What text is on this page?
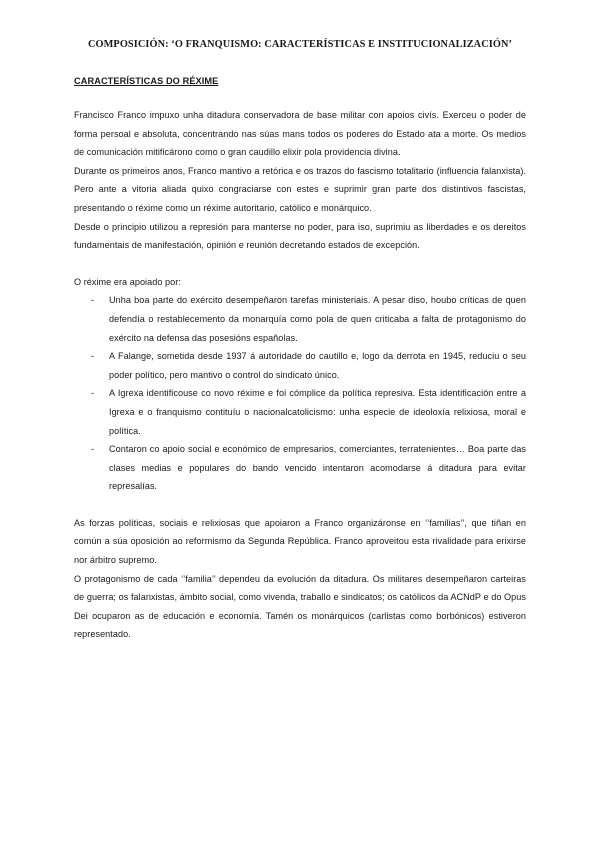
COMPOSICIÓN: ‘O FRANQUISMO: CARACTERÍSTICAS E INSTITUCIONALIZACIÓN’
CARACTERÍSTICAS DO RÉXIME

Francisco Franco impuxo unha ditadura conservadora de base militar con apoios civís. Exerceu o poder de forma persoal e absoluta, concentrando nas súas mans todos os poderes do Estado ata a morte. Os medios de comunicación mitificárono como o gran caudillo elixir pola providencia divina.

Durante os primeiros anos, Franco mantivo a retórica e os trazos do fascismo totalitario (influencia falanxista). Pero ante a vitoria aliada quixo congraciarse con estes e suprimir gran parte dos distintivos fascistas, presentando o réxime como un réxime autoritario, católico e monárquico.

Desde o principio utilizou a represión para manterse no poder, para iso, suprimiu as liberdades e os dereitos fundamentais de manifestación, opinión e reunión decretando estados de excepción.

O réxime era apoiado por:

- Unha boa parte do exército desempeñaron tarefas ministeriais. A pesar diso, houbo críticas de quen defendía o restablecemento da monarquía como pola de quen criticaba a falta de protagonismo do exército na defensa das posesións españolas.
- A Falange, sometida desde 1937 á autoridade do cautillo e, logo da derrota en 1945, reduciu o seu poder político, pero mantivo o control do sindicato único.
- A Igrexa identificouse co novo réxime e foi cómplice da política represiva. Esta identificación entre a Igrexa e o franquismo contituíu o nacionalcatolicismo: unha especie de ideoloxía relixiosa, moral e política.
- Contaron co apoio social e económico de empresarios, comerciantes, terratenientes… Boa parte das clases medias e populares do bando vencido intentaron acomodarse á ditadura para evitar represalías.

As forzas políticas, sociais e relixiosas que apoiaron a Franco organizáronse en ‘’familias’’, que tiñan en común a súa oposición ao reformismo da Segunda República. Franco aproveitou esta rivalidade para erixirse nor árbitro supremo.

O protagonismo de cada ‘’familia’’ dependeu da evolución da ditadura. Os militares desempeñaron carteiras de guerra; os falanxistas, ámbito social, como vivenda, traballo e sindicatos; os católicos da ACNdP e do Opus Dei ocuparon as de educación e economía. Tamén os monárquicos (carlistas como borbónicos) estiveron representado.
